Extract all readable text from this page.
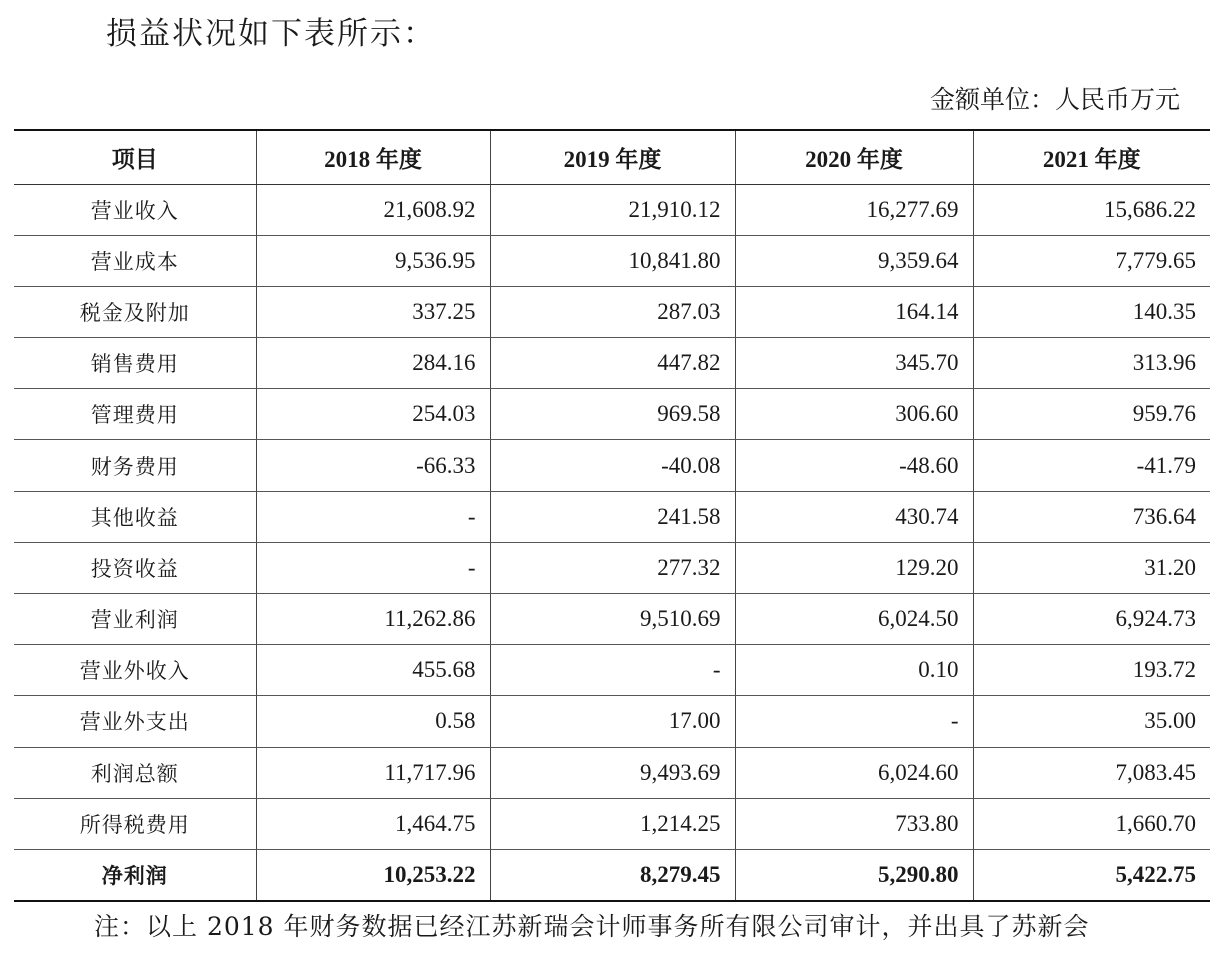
损益状况如下表所示：
金额单位：人民币万元
项目	2018 年度	2019 年度	2020 年度	2021 年度
营业收入	21,608.92	21,910.12	16,277.69	15,686.22
营业成本	9,536.95	10,841.80	9,359.64	7,779.65
税金及附加	337.25	287.03	164.14	140.35
销售费用	284.16	447.82	345.70	313.96
管理费用	254.03	969.58	306.60	959.76
财务费用	-66.33	-40.08	-48.60	-41.79
其他收益	-	241.58	430.74	736.64
投资收益	-	277.32	129.20	31.20
营业利润	11,262.86	9,510.69	6,024.50	6,924.73
营业外收入	455.68	-	0.10	193.72
营业外支出	0.58	17.00	-	35.00
利润总额	11,717.96	9,493.69	6,024.60	7,083.45
所得税费用	1,464.75	1,214.25	733.80	1,660.70
净利润	10,253.22	8,279.45	5,290.80	5,422.75
注：以上 2018 年财务数据已经江苏新瑞会计师事务所有限公司审计，并出具了苏新会
